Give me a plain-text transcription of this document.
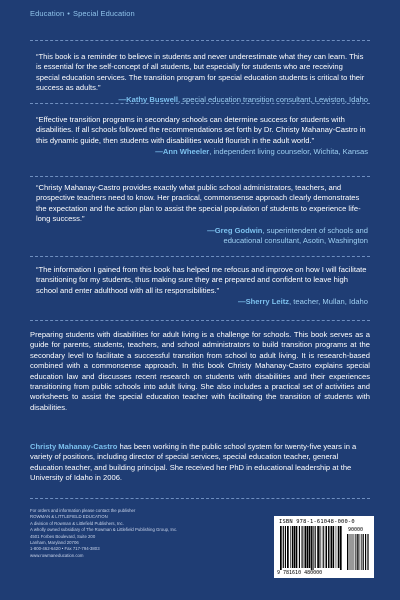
Education • Special Education

“This book is a reminder to believe in students and never underestimate what they can learn. This is essential for the self-concept of all students, but especially for students who are receiving special education services. The transition program for special education students is critical to their success as adults.”

—Kathy Buswell, special education transition consultant, Lewiston, Idaho

“Effective transition programs in secondary schools can determine success for students with disabilities. If all schools followed the recommendations set forth by Dr. Christy Mahanay-Castro in this dynamic guide, then students with disabilities would flourish in the adult world.”

—Ann Wheeler, independent living counselor, Wichita, Kansas

“Christy Mahanay-Castro provides exactly what public school administrators, teachers, and prospective teachers need to know. Her practical, commonsense approach clearly demonstrates the expectation and the action plan to assist the special population of students to experience life-long success.”

—Greg Godwin, superintendent of schools and educational consultant, Asotin, Washington

“The information I gained from this book has helped me refocus and improve on how I will facilitate transitioning for my students, thus making sure they are prepared and confident to leave high school and enter adulthood with all its responsibilities.”

—Sherry Leitz, teacher, Mullan, Idaho
Preparing students with disabilities for adult living is a challenge for schools. This book serves as a guide for parents, students, teachers, and school administrators to build transition programs at the secondary level to facilitate a successful transition from school to adult living. It is research-based combined with a commonsense approach. In this book Christy Mahanay-Castro explains special education law and discusses recent research on students with disabilities and their experiences transitioning from public schools into adult living. She also includes a practical set of activities and worksheets to assist the special education teacher with facilitating the transition of students with disabilities.
Christy Mahanay-Castro has been working in the public school system for twenty-five years in a variety of positions, including director of special services, special education teacher, general education teacher, and building principal. She received her PhD in educational leadership at the University of Idaho in 2006.
For orders and information please contact the publisher
ROWMAN & LITTLEFIELD EDUCATION
A division of Rowman & Littlefield Publishers, Inc.
A wholly owned subsidiary of The Rowman & Littlefield Publishing Group, Inc.
4501 Forbes Boulevard, Suite 200
Lanham, Maryland 20706
1-800-462-6420 • Fax 717-794-3803
www.rowmaneducation.com
ISBN 978-1-61048-000-0
90000
9 781610 480000
